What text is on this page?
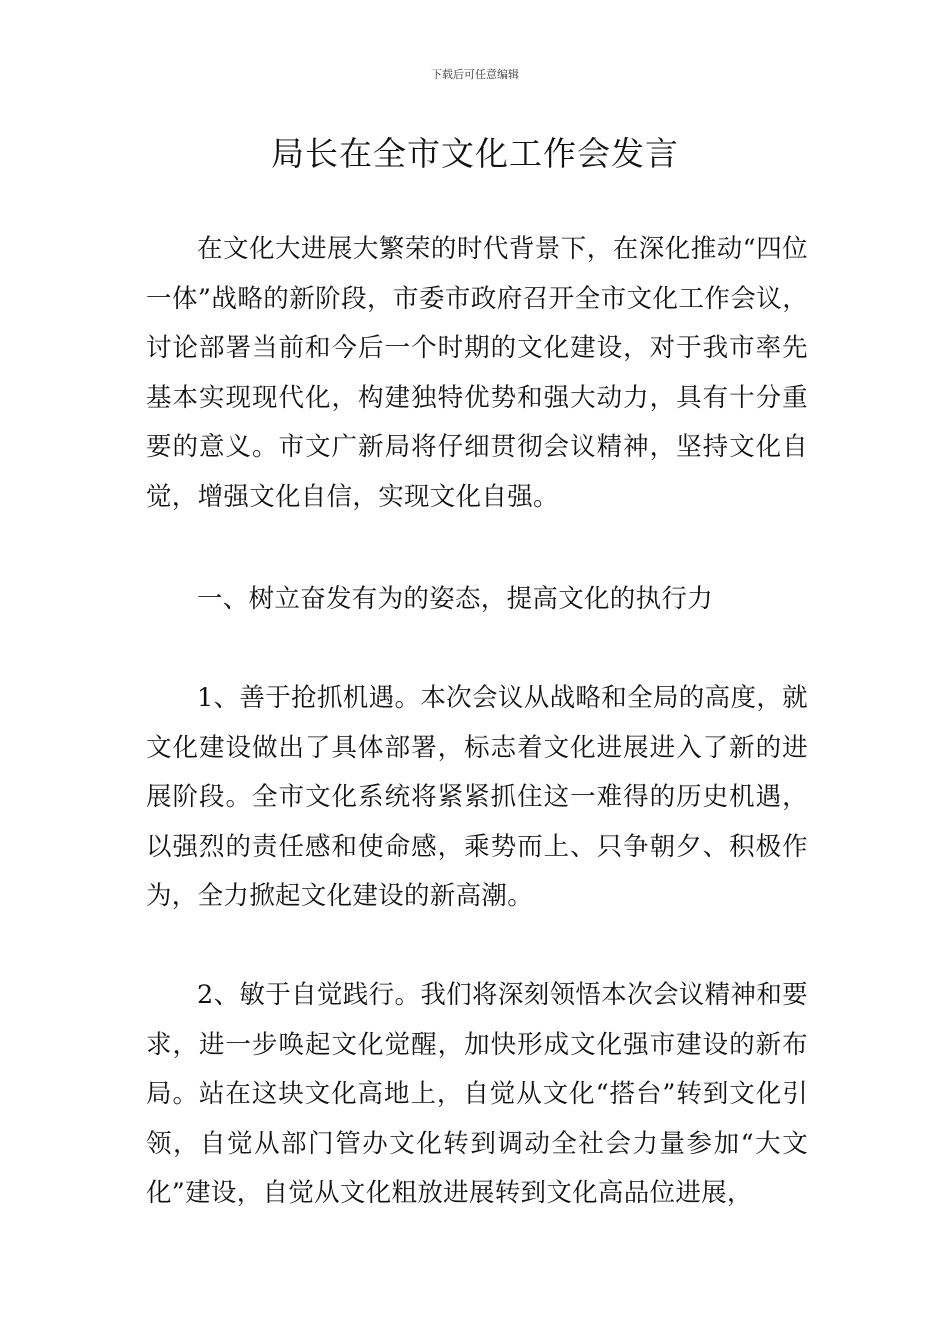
下载后可任意编辑
局长在全市文化工作会发言

在文化大进展大繁荣的时代背景下，在深化推动“四位一体”战略的新阶段，市委市政府召开全市文化工作会议，讨论部署当前和今后一个时期的文化建设，对于我市率先基本实现现代化，构建独特优势和强大动力，具有十分重要的意义。市文广新局将仔细贯彻会议精神，坚持文化自觉，增强文化自信，实现文化自强。

一、树立奋发有为的姿态，提高文化的执行力

1、善于抢抓机遇。本次会议从战略和全局的高度，就文化建设做出了具体部署，标志着文化进展进入了新的进展阶段。全市文化系统将紧紧抓住这一难得的历史机遇，以强烈的责任感和使命感，乘势而上、只争朝夕、积极作为，全力掀起文化建设的新高潮。

2、敏于自觉践行。我们将深刻领悟本次会议精神和要求，进一步唤起文化觉醒，加快形成文化强市建设的新布局。站在这块文化高地上，自觉从文化“搭台”转到文化引领，自觉从部门管办文化转到调动全社会力量参加“大文化”建设，自觉从文化粗放进展转到文化高品位进展，
